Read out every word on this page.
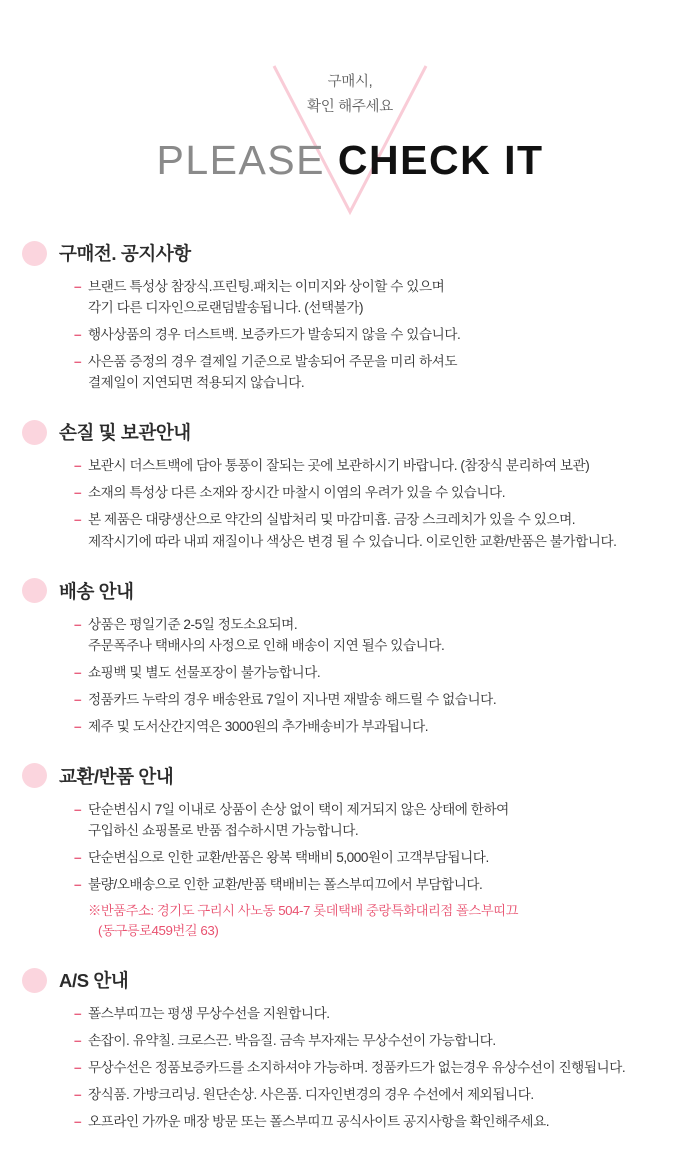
구매시,
확인 해주세요
PLEASE CHECK IT
구매전. 공지사항
– 브랜드 특성상 참장식.프린팅.패치는 이미지와 상이할 수 있으며
각기 다른 디자인으로랜덤발송됩니다. (선택불가)
– 행사상품의 경우 더스트백. 보증카드가 발송되지 않을 수 있습니다.
– 사은품 증정의 경우 결제일 기준으로 발송되어 주문을 미리 하셔도
결제일이 지연되면 적용되지 않습니다.
손질 및 보관안내
– 보관시 더스트백에 담아 통풍이 잘되는 곳에 보관하시기 바랍니다. (참장식 분리하여 보관)
– 소재의 특성상 다른 소재와 장시간 마찰시 이염의 우려가 있을 수 있습니다.
– 본 제품은 대량생산으로 약간의 실밥처리 및 마감미흡. 금장 스크레치가 있을 수 있으며.
제작시기에 따라 내피 재질이나 색상은 변경 될 수 있습니다. 이로인한 교환/반품은 불가합니다.
배송 안내
– 상품은 평일기준 2-5일 정도소요되며.
주문폭주나 택배사의 사정으로 인해 배송이 지연 될수 있습니다.
– 쇼핑백 및 별도 선물포장이 불가능합니다.
– 정품카드 누락의 경우 배송완료 7일이 지나면 재발송 해드릴 수 없습니다.
– 제주 및 도서산간지역은 3000원의 추가배송비가 부과됩니다.
교환/반품 안내
– 단순변심시 7일 이내로 상품이 손상 없이 택이 제거되지 않은 상태에 한하여
구입하신 쇼핑몰로 반품 접수하시면 가능합니다.
– 단순변심으로 인한 교환/반품은 왕복 택배비 5,000원이 고객부담됩니다.
– 불량/오배송으로 인한 교환/반품 택배비는 폴스부띠끄에서 부담합니다.
※반품주소: 경기도 구리시 사노동 504-7 롯데택배 중랑특화대리점 폴스부띠끄
(동구릉로459번길 63)
A/S 안내
– 폴스부띠끄는 평생 무상수선을 지원합니다.
– 손잡이. 유약칠. 크로스끈. 박음질. 금속 부자재는 무상수선이 가능합니다.
– 무상수선은 정품보증카드를 소지하셔야 가능하며. 정품카드가 없는경우 유상수선이 진행됩니다.
– 장식품. 가방크리닝. 원단손상. 사은품. 디자인변경의 경우 수선에서 제외됩니다.
– 오프라인 가까운 매장 방문 또는 폴스부띠끄 공식사이트 공지사항을 확인해주세요.
